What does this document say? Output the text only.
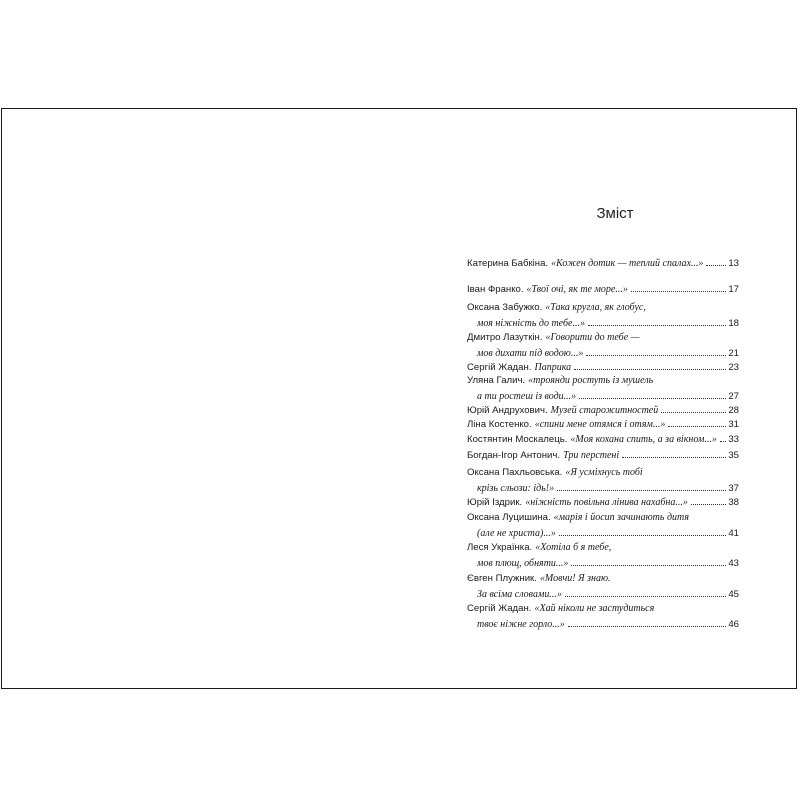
Зміст
Катерина Бабкіна. «Кожен дотик — теплий спалах...»	13
Іван Франко. «Твої очі, як те море...»	17
Оксана Забужко. «Така кругла, як глобус,
моя ніжність до тебе...»	18
Дмитро Лазуткін. «Говорити до тебе —
мов дихати під водою...»	21
Сергій Жадан. Паприка	23
Уляна Галич. «троянди ростуть із мушель
а ти ростеш із води...»	27
Юрій Андрухович. Музей старожитностей	28
Ліна Костенко. «спини мене отямся і отям...»	31
Костянтин Москалець. «Моя кохана спить, а за вікном...» 33
Богдан-Ігор Антонич. Три перстені	35
Оксана Пахльовська. «Я усміхнусь тобі
крізь сльози: ідь!»	37
Юрій Іздрик. «ніжність повільна лінива нахабна...»	38
Оксана Луцишина. «марія і йосип зачинають дитя
(але не христа)...»	41
Леся Українка. «Хотіла б я тебе,
мов плющ, обняти...»	43
Євген Плужник. «Мовчи! Я знаю.
За всіма словами...»	45
Сергій Жадан. «Хай ніколи не застудиться
твоє ніжне горло...»	46
